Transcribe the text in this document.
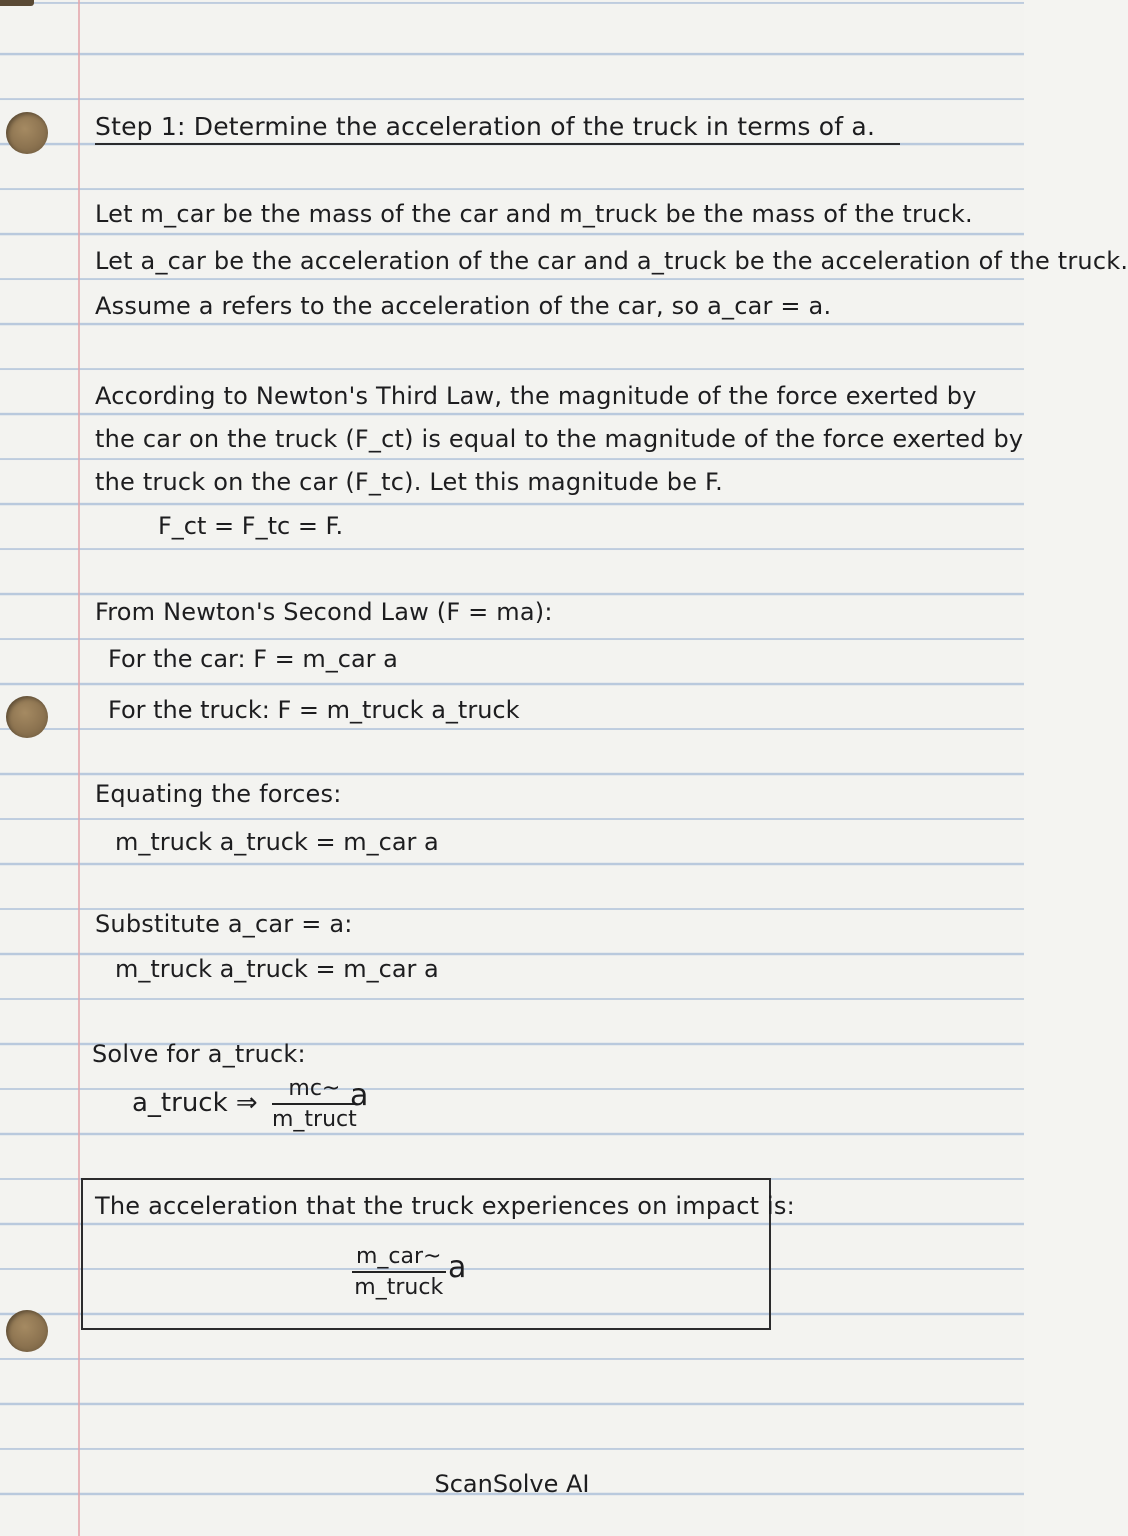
Step 1: Determine the acceleration of the truck in terms of a.
Let m_car be the mass of the car and m_truck be the mass of the truck.
Let a_car be the acceleration of the car and a_truck be the acceleration of the truck.
Assume a refers to the acceleration of the car, so a_car = a.
According to Newton's Third Law, the magnitude of the force exerted by
the car on the truck (F_ct) is equal to the magnitude of the force exerted by
the truck on the car (F_tc). Let this magnitude be F.
F_ct = F_tc = F.
From Newton's Second Law (F = ma):
For the car: F = m_car a
For the truck: F = m_truck a_truck
Equating the forces:
m_truck a_truck = m_car a
Substitute a_car = a:
m_truck a_truck = m_car a
Solve for a_truck:
a_truck ⇒	mc~
m_truct
a
The acceleration that the truck experiences on impact is:
m_car~
m_truck
a
ScanSolve AI
